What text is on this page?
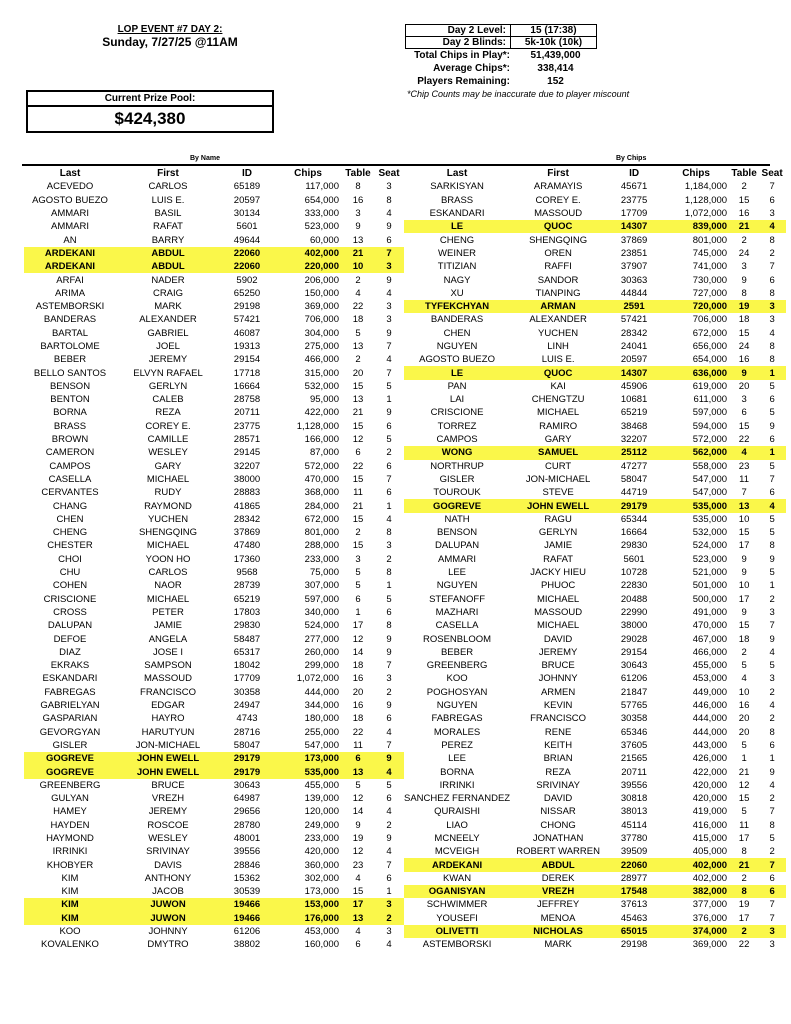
LOP EVENT #7 DAY 2:
Sunday, 7/27/25 @11AM
Day 2 Level:	15 (17:38)
Day 2 Blinds:	5k-10k (10k)
Total Chips in Play*:	51,439,000
Average Chips*:	338,414
Players Remaining:	152
*Chip Counts may be inaccurate due to player miscount
Current Prize Pool:
$424,380
By Name	By Chips
Last	First	ID	Chips	Table	Seat
ACEVEDO	CARLOS	65189	117,000	8	3
AGOSTO BUEZO	LUIS E.	20597	654,000	16	8
AMMARI	BASIL	30134	333,000	3	4
AMMARI	RAFAT	5601	523,000	9	9
AN	BARRY	49644	60,000	13	6
ARDEKANI	ABDUL	22060	402,000	21	7
ARDEKANI	ABDUL	22060	220,000	10	3
ARFAI	NADER	5902	206,000	2	9
ARIMA	CRAIG	65250	150,000	4	4
ASTEMBORSKI	MARK	29198	369,000	22	3
BANDERAS	ALEXANDER	57421	706,000	18	3
BARTAL	GABRIEL	46087	304,000	5	9
BARTOLOME	JOEL	19313	275,000	13	7
BEBER	JEREMY	29154	466,000	2	4
BELLO SANTOS	ELVYN RAFAEL	17718	315,000	20	7
BENSON	GERLYN	16664	532,000	15	5
BENTON	CALEB	28758	95,000	13	1
BORNA	REZA	20711	422,000	21	9
BRASS	COREY E.	23775	1,128,000	15	6
BROWN	CAMILLE	28571	166,000	12	5
CAMERON	WESLEY	29145	87,000	6	2
CAMPOS	GARY	32207	572,000	22	6
CASELLA	MICHAEL	38000	470,000	15	7
CERVANTES	RUDY	28883	368,000	11	6
CHANG	RAYMOND	41865	284,000	21	1
CHEN	YUCHEN	28342	672,000	15	4
CHENG	SHENGQING	37869	801,000	2	8
CHESTER	MICHAEL	47480	288,000	15	3
CHOI	YOON HO	17360	233,000	3	2
CHU	CARLOS	9568	75,000	5	8
COHEN	NAOR	28739	307,000	5	1
CRISCIONE	MICHAEL	65219	597,000	6	5
CROSS	PETER	17803	340,000	1	6
DALUPAN	JAMIE	29830	524,000	17	8
DEFOE	ANGELA	58487	277,000	12	9
DIAZ	JOSE I	65317	260,000	14	9
EKRAKS	SAMPSON	18042	299,000	18	7
ESKANDARI	MASSOUD	17709	1,072,000	16	3
FABREGAS	FRANCISCO	30358	444,000	20	2
GABRIELYAN	EDGAR	24947	344,000	16	9
GASPARIAN	HAYRO	4743	180,000	18	6
GEVORGYAN	HARUTYUN	28716	255,000	22	4
GISLER	JON-MICHAEL	58047	547,000	11	7
GOGREVE	JOHN EWELL	29179	173,000	6	9
GOGREVE	JOHN EWELL	29179	535,000	13	4
GREENBERG	BRUCE	30643	455,000	5	5
GULYAN	VREZH	64987	139,000	12	6
HAMEY	JEREMY	29656	120,000	14	4
HAYDEN	ROSCOE	28780	249,000	9	2
HAYMOND	WESLEY	48001	233,000	19	9
IRRINKI	SRIVINAY	39556	420,000	12	4
KHOBYER	DAVIS	28846	360,000	23	7
KIM	ANTHONY	15362	302,000	4	6
KIM	JACOB	30539	173,000	15	1
KIM	JUWON	19466	153,000	17	3
KIM	JUWON	19466	176,000	13	2
KOO	JOHNNY	61206	453,000	4	3
KOVALENKO	DMYTRO	38802	160,000	6	4
Last	First	ID	Chips	Table	Seat
SARKISYAN	ARAMAYIS	45671	1,184,000	2	7
BRASS	COREY E.	23775	1,128,000	15	6
ESKANDARI	MASSOUD	17709	1,072,000	16	3
LE	QUOC	14307	839,000	21	4
CHENG	SHENGQING	37869	801,000	2	8
WEINER	OREN	23851	745,000	24	2
TITIZIAN	RAFFI	37907	741,000	3	7
NAGY	SANDOR	30363	730,000	9	6
XU	TIANPING	44844	727,000	8	8
TYFEKCHYAN	ARMAN	2591	720,000	19	3
BANDERAS	ALEXANDER	57421	706,000	18	3
CHEN	YUCHEN	28342	672,000	15	4
NGUYEN	LINH	24041	656,000	24	8
AGOSTO BUEZO	LUIS E.	20597	654,000	16	8
LE	QUOC	14307	636,000	9	1
PAN	KAI	45906	619,000	20	5
LAI	CHENGTZU	10681	611,000	3	6
CRISCIONE	MICHAEL	65219	597,000	6	5
TORREZ	RAMIRO	38468	594,000	15	9
CAMPOS	GARY	32207	572,000	22	6
WONG	SAMUEL	25112	562,000	4	1
NORTHRUP	CURT	47277	558,000	23	5
GISLER	JON-MICHAEL	58047	547,000	11	7
TOUROUK	STEVE	44719	547,000	7	6
GOGREVE	JOHN EWELL	29179	535,000	13	4
NATH	RAGU	65344	535,000	10	5
BENSON	GERLYN	16664	532,000	15	5
DALUPAN	JAMIE	29830	524,000	17	8
AMMARI	RAFAT	5601	523,000	9	9
LEE	JACKY HIEU	10728	521,000	9	5
NGUYEN	PHUOC	22830	501,000	10	1
STEFANOFF	MICHAEL	20488	500,000	17	2
MAZHARI	MASSOUD	22990	491,000	9	3
CASELLA	MICHAEL	38000	470,000	15	7
ROSENBLOOM	DAVID	29028	467,000	18	9
BEBER	JEREMY	29154	466,000	2	4
GREENBERG	BRUCE	30643	455,000	5	5
KOO	JOHNNY	61206	453,000	4	3
POGHOSYAN	ARMEN	21847	449,000	10	2
NGUYEN	KEVIN	57765	446,000	16	4
FABREGAS	FRANCISCO	30358	444,000	20	2
MORALES	RENE	65346	444,000	20	8
PEREZ	KEITH	37605	443,000	5	6
LEE	BRIAN	21565	426,000	1	1
BORNA	REZA	20711	422,000	21	9
IRRINKI	SRIVINAY	39556	420,000	12	4
SANCHEZ FERNANDEZ	DAVID	30818	420,000	15	2
QURAISHI	NISSAR	38013	419,000	5	7
LIAO	CHONG	45114	416,000	11	8
MCNEELY	JONATHAN	37780	415,000	17	5
MCVEIGH	ROBERT WARREN	39509	405,000	8	2
ARDEKANI	ABDUL	22060	402,000	21	7
KWAN	DEREK	28977	402,000	2	6
OGANISYAN	VREZH	17548	382,000	8	6
SCHWIMMER	JEFFREY	37613	377,000	19	7
YOUSEFI	MENOA	45463	376,000	17	7
OLIVETTI	NICHOLAS	65015	374,000	2	3
ASTEMBORSKI	MARK	29198	369,000	22	3
